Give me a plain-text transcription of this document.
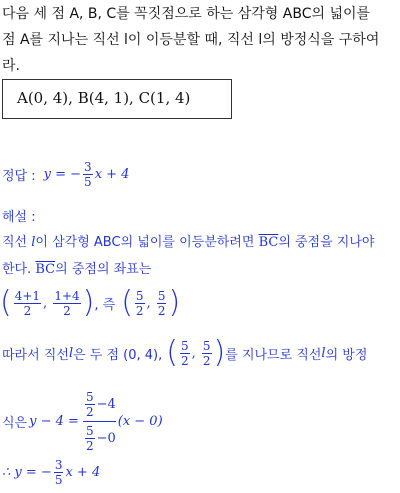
다음 세 점 A, B, C를 꼭짓점으로 하는 삼각형 ABC의 넓이를
점 A를 지나는 직선 l이 이등분할 때, 직선 l의 방정식을 구하여
라.
A(0, 4), B(4, 1), C(1, 4)
정답 : y = − $\frac{3}{5}$ x + 4
해설 :
직선 l이 삼각형 ABC의 넓이를 이등분하려면 $\overline{BC}$의 중점을 지나야
한다. $\overline{BC}$의 중점의 좌표는
( $\frac{4+1}{2}$ , $\frac{1+4}{2}$ ) , 즉 ( $\frac{5}{2}$ , $\frac{5}{2}$ )
따라서 직선 l 은 두 점 (0, 4), ( $\frac{5}{2}$ , $\frac{5}{2}$ ) 를 지나므로 직선 l 의 방정
식은 $y - 4 = \frac{\frac{5}{2} -4}{\frac{5}{2} -0} (x - 0)$
∴ y = − $\frac{3}{5}$ x + 4
